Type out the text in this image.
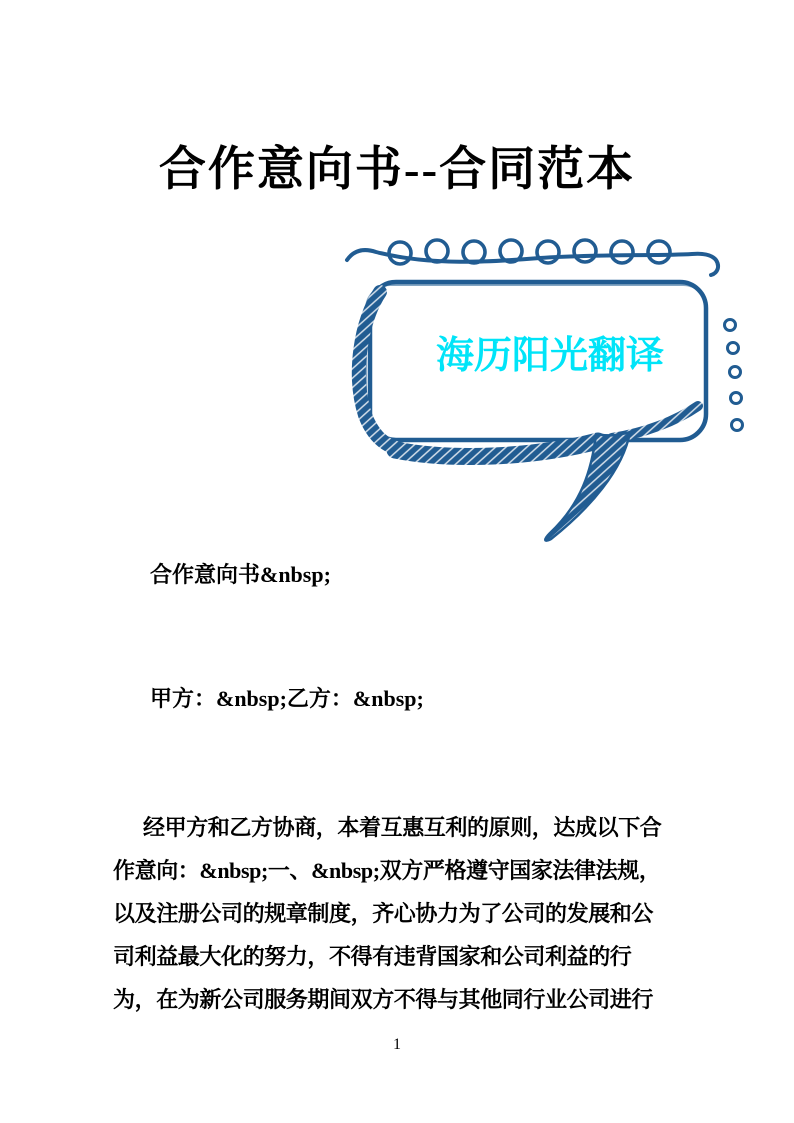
合作意向书--合同范本
海历阳光翻译

合作意向书&nbsp;

甲方：&nbsp;乙方：&nbsp;

经甲方和乙方协商，本着互惠互利的原则，达成以下合
作意向：&nbsp;一、&nbsp;双方严格遵守国家法律法规，
以及注册公司的规章制度，齐心协力为了公司的发展和公
司利益最大化的努力，不得有违背国家和公司利益的行
为，在为新公司服务期间双方不得与其他同行业公司进行
1
